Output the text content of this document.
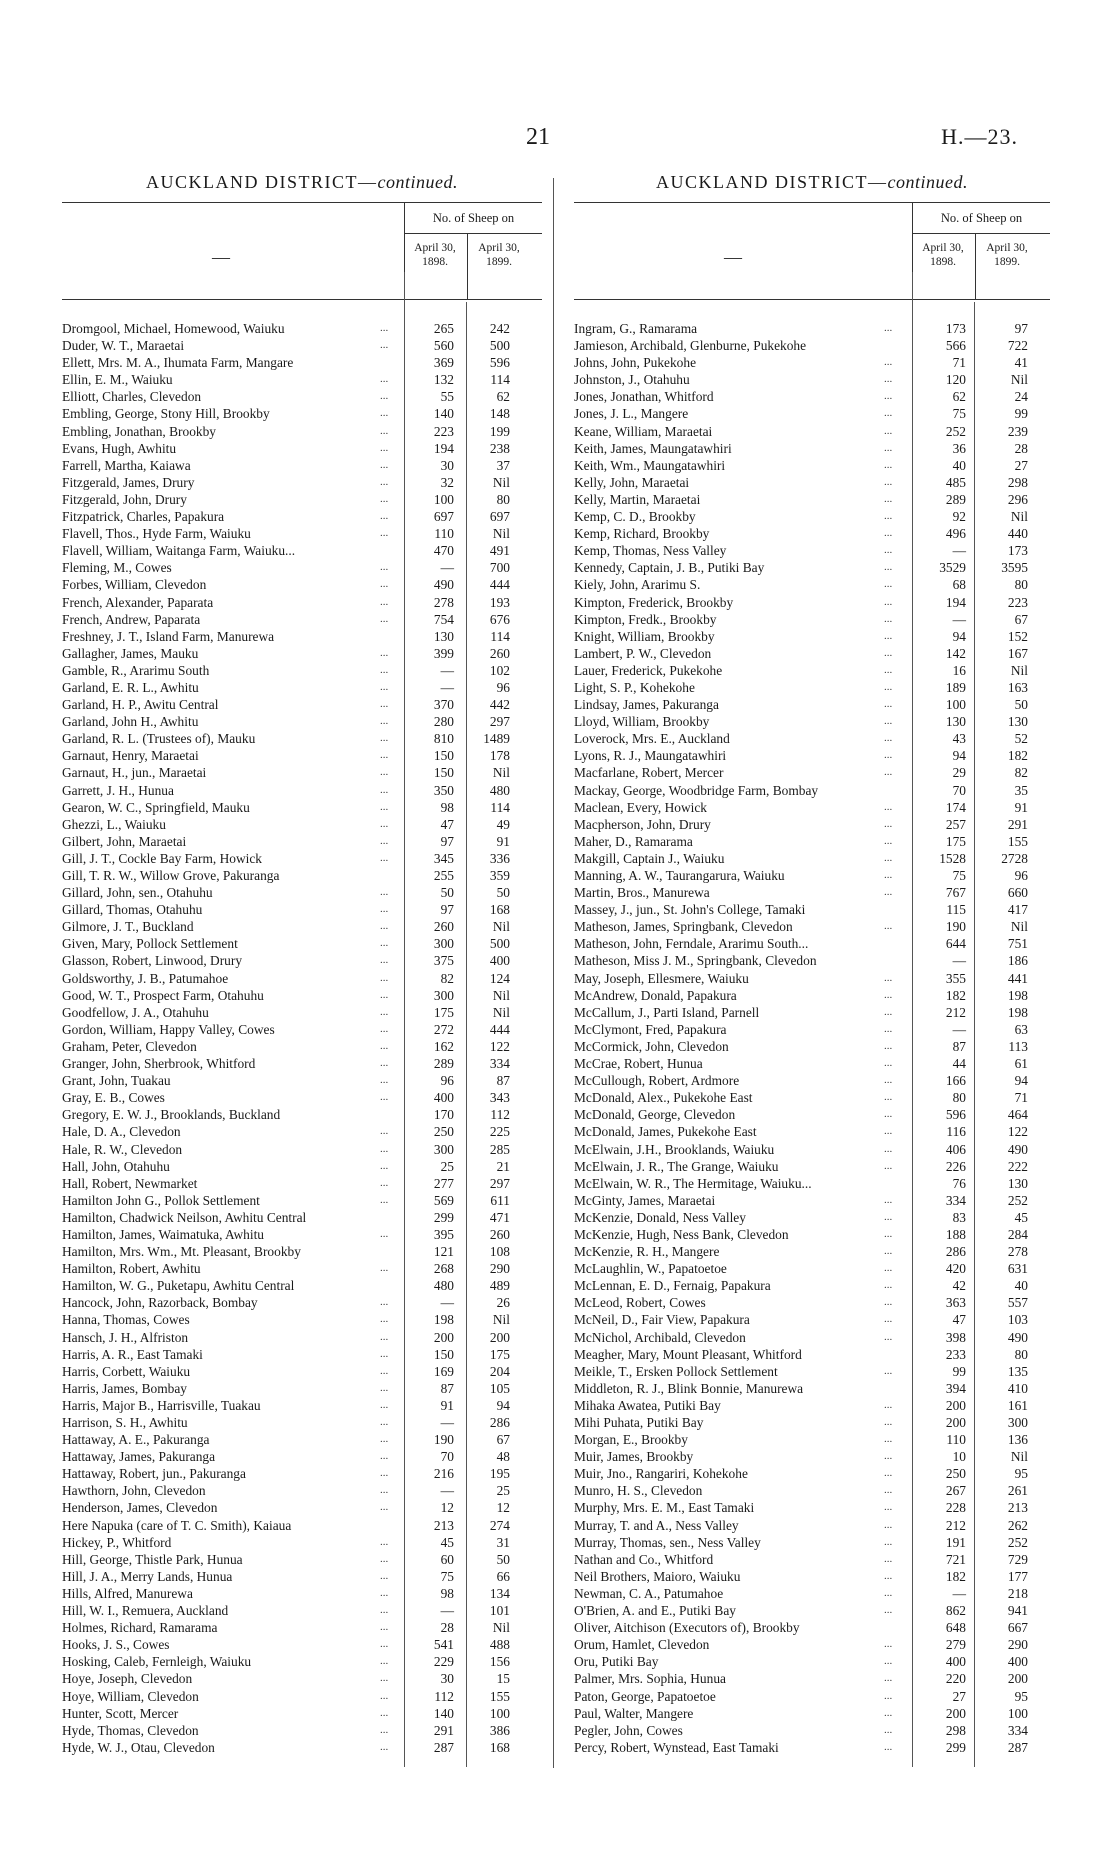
21	H.—23.
AUCKLAND DISTRICT—continued.
—
No. of Sheep on
April 30, 1898.
April 30, 1899.
Dromgool, Michael, Homewood, Waiuku	...	265	242
Duder, W. T., Maraetai	...	560	500
Ellett, Mrs. M. A., Ihumata Farm, Mangare	369	596
Ellin, E. M., Waiuku	...	132	114
Elliott, Charles, Clevedon	...	55	62
Embling, George, Stony Hill, Brookby	...	140	148
Embling, Jonathan, Brookby	...	223	199
Evans, Hugh, Awhitu	...	194	238
Farrell, Martha, Kaiawa	...	30	37
Fitzgerald, James, Drury	...	32	Nil
Fitzgerald, John, Drury	...	100	80
Fitzpatrick, Charles, Papakura	...	697	697
Flavell, Thos., Hyde Farm, Waiuku	...	110	Nil
Flavell, William, Waitanga Farm, Waiuku...	470	491
Fleming, M., Cowes	...	—	700
Forbes, William, Clevedon	...	490	444
French, Alexander, Paparata	...	278	193
French, Andrew, Paparata	...	754	676
Freshney, J. T., Island Farm, Manurewa	130	114
Gallagher, James, Mauku	...	399	260
Gamble, R., Ararimu South	...	—	102
Garland, E. R. L., Awhitu	...	—	96
Garland, H. P., Awitu Central	...	370	442
Garland, John H., Awhitu	...	280	297
Garland, R. L. (Trustees of), Mauku	...	810 1489
Garnaut, Henry, Maraetai	...	150	178
Garnaut, H., jun., Maraetai	...	150	Nil
Garrett, J. H., Hunua	...	350	480
Gearon, W. C., Springfield, Mauku	...	98	114
Ghezzi, L., Waiuku	...	47	49
Gilbert, John, Maraetai	...	97	91
Gill, J. T., Cockle Bay Farm, Howick	...	345	336
Gill, T. R. W., Willow Grove, Pakuranga	255	359
Gillard, John, sen., Otahuhu	...	50	50
Gillard, Thomas, Otahuhu	...	97	168
Gilmore, J. T., Buckland	...	260	Nil
Given, Mary, Pollock Settlement	...	300	500
Glasson, Robert, Linwood, Drury	...	375	400
Goldsworthy, J. B., Patumahoe	...	82	124
Good, W. T., Prospect Farm, Otahuhu	...	300	Nil
Goodfellow, J. A., Otahuhu	...	175	Nil
Gordon, William, Happy Valley, Cowes	...	272	444
Graham, Peter, Clevedon	...	162	122
Granger, John, Sherbrook, Whitford	...	289	334
Grant, John, Tuakau	...	96	87
Gray, E. B., Cowes	...	400	343
Gregory, E. W. J., Brooklands, Buckland	170	112
Hale, D. A., Clevedon	...	250	225
Hale, R. W., Clevedon	...	300	285
Hall, John, Otahuhu	...	25	21
Hall, Robert, Newmarket	...	277	297
Hamilton John G., Pollok Settlement	...	569	611
Hamilton, Chadwick Neilson, Awhitu Central	299	471
Hamilton, James, Waimatuka, Awhitu	...	395	260
Hamilton, Mrs. Wm., Mt. Pleasant, Brookby	121	108
Hamilton, Robert, Awhitu	...	268	290
Hamilton, W. G., Puketapu, Awhitu Central	480	489
Hancock, John, Razorback, Bombay	...	—	26
Hanna, Thomas, Cowes	...	198	Nil
Hansch, J. H., Alfriston	...	200	200
Harris, A. R., East Tamaki	...	150	175
Harris, Corbett, Waiuku	...	169	204
Harris, James, Bombay	...	87	105
Harris, Major B., Harrisville, Tuakau	...	91	94
Harrison, S. H., Awhitu	...	—	286
Hattaway, A. E., Pakuranga	...	190	67
Hattaway, James, Pakuranga	...	70	48
Hattaway, Robert, jun., Pakuranga	...	216	195
Hawthorn, John, Clevedon	...	—	25
Henderson, James, Clevedon	...	12	12
Here Napuka (care of T. C. Smith), Kaiaua	213	274
Hickey, P., Whitford	...	45	31
Hill, George, Thistle Park, Hunua	...	60	50
Hill, J. A., Merry Lands, Hunua	...	75	66
Hills, Alfred, Manurewa	...	98	134
Hill, W. I., Remuera, Auckland	...	—	101
Holmes, Richard, Ramarama	...	28	Nil
Hooks, J. S., Cowes	...	541	488
Hosking, Caleb, Fernleigh, Waiuku	...	229	156
Hoye, Joseph, Clevedon	...	30	15
Hoye, William, Clevedon	...	112	155
Hunter, Scott, Mercer	...	140	100
Hyde, Thomas, Clevedon	...	291	386
Hyde, W. J., Otau, Clevedon	...	287	168
AUCKLAND DISTRICT—continued.
—
No. of Sheep on
April 30, 1898.
April 30, 1899.
Ingram, G., Ramarama	...	173	97
Jamieson, Archibald, Glenburne, Pukekohe	566	722
Johns, John, Pukekohe	...	71	41
Johnston, J., Otahuhu	...	120	Nil
Jones, Jonathan, Whitford	...	62	24
Jones, J. L., Mangere	...	75	99
Keane, William, Maraetai	...	252	239
Keith, James, Maungatawhiri	...	36	28
Keith, Wm., Maungatawhiri	...	40	27
Kelly, John, Maraetai	...	485	298
Kelly, Martin, Maraetai	...	289	296
Kemp, C. D., Brookby	...	92	Nil
Kemp, Richard, Brookby	...	496	440
Kemp, Thomas, Ness Valley	...	—	173
Kennedy, Captain, J. B., Putiki Bay	...	3529	3595
Kiely, John, Ararimu S.	...	68	80
Kimpton, Frederick, Brookby	...	194	223
Kimpton, Fredk., Brookby	...	—	67
Knight, William, Brookby	...	94	152
Lambert, P. W., Clevedon	...	142	167
Lauer, Frederick, Pukekohe	...	16	Nil
Light, S. P., Kohekohe	...	189	163
Lindsay, James, Pakuranga	...	100	50
Lloyd, William, Brookby	...	130	130
Loverock, Mrs. E., Auckland	...	43	52
Lyons, R. J., Maungatawhiri	...	94	182
Macfarlane, Robert, Mercer	...	29	82
Mackay, George, Woodbridge Farm, Bombay	70	35
Maclean, Every, Howick	...	174	91
Macpherson, John, Drury	...	257	291
Maher, D., Ramarama	...	175	155
Makgill, Captain J., Waiuku	...	1528	2728
Manning, A. W., Taurangarura, Waiuku	...	75	96
Martin, Bros., Manurewa	...	767	660
Massey, J., jun., St. John's College, Tamaki	115	417
Matheson, James, Springbank, Clevedon	...	190	Nil
Matheson, John, Ferndale, Ararimu South...	644	751
Matheson, Miss J. M., Springbank, Clevedon	—	186
May, Joseph, Ellesmere, Waiuku	...	355	441
McAndrew, Donald, Papakura	...	182	198
McCallum, J., Parti Island, Parnell	...	212	198
McClymont, Fred, Papakura	...	—	63
McCormick, John, Clevedon	...	87	113
McCrae, Robert, Hunua	...	44	61
McCullough, Robert, Ardmore	...	166	94
McDonald, Alex., Pukekohe East	...	80	71
McDonald, George, Clevedon	...	596	464
McDonald, James, Pukekohe East	...	116	122
McElwain, J.H., Brooklands, Waiuku	...	406	490
McElwain, J. R., The Grange, Waiuku	...	226	222
McElwain, W. R., The Hermitage, Waiuku...	76	130
McGinty, James, Maraetai	...	334	252
McKenzie, Donald, Ness Valley	...	83	45
McKenzie, Hugh, Ness Bank, Clevedon	...	188	284
McKenzie, R. H., Mangere	...	286	278
McLaughlin, W., Papatoetoe	...	420	631
McLennan, E. D., Fernaig, Papakura	...	42	40
McLeod, Robert, Cowes	...	363	557
McNeil, D., Fair View, Papakura	...	47	103
McNichol, Archibald, Clevedon	...	398	490
Meagher, Mary, Mount Pleasant, Whitford	233	80
Meikle, T., Ersken Pollock Settlement	...	99	135
Middleton, R. J., Blink Bonnie, Manurewa	394	410
Mihaka Awatea, Putiki Bay	...	200	161
Mihi Puhata, Putiki Bay	...	200	300
Morgan, E., Brookby	...	110	136
Muir, James, Brookby	...	10	Nil
Muir, Jno., Rangariri, Kohekohe	...	250	95
Munro, H. S., Clevedon	...	267	261
Murphy, Mrs. E. M., East Tamaki	...	228	213
Murray, T. and A., Ness Valley	...	212	262
Murray, Thomas, sen., Ness Valley	...	191	252
Nathan and Co., Whitford	...	721	729
Neil Brothers, Maioro, Waiuku	...	182	177
Newman, C. A., Patumahoe	...	—	218
O'Brien, A. and E., Putiki Bay	...	862	941
Oliver, Aitchison (Executors of), Brookby	648	667
Orum, Hamlet, Clevedon	...	279	290
Oru, Putiki Bay	...	400	400
Palmer, Mrs. Sophia, Hunua	...	220	200
Paton, George, Papatoetoe	...	27	95
Paul, Walter, Mangere	...	200	100
Pegler, John, Cowes	...	298	334
Percy, Robert, Wynstead, East Tamaki	...	299	287
